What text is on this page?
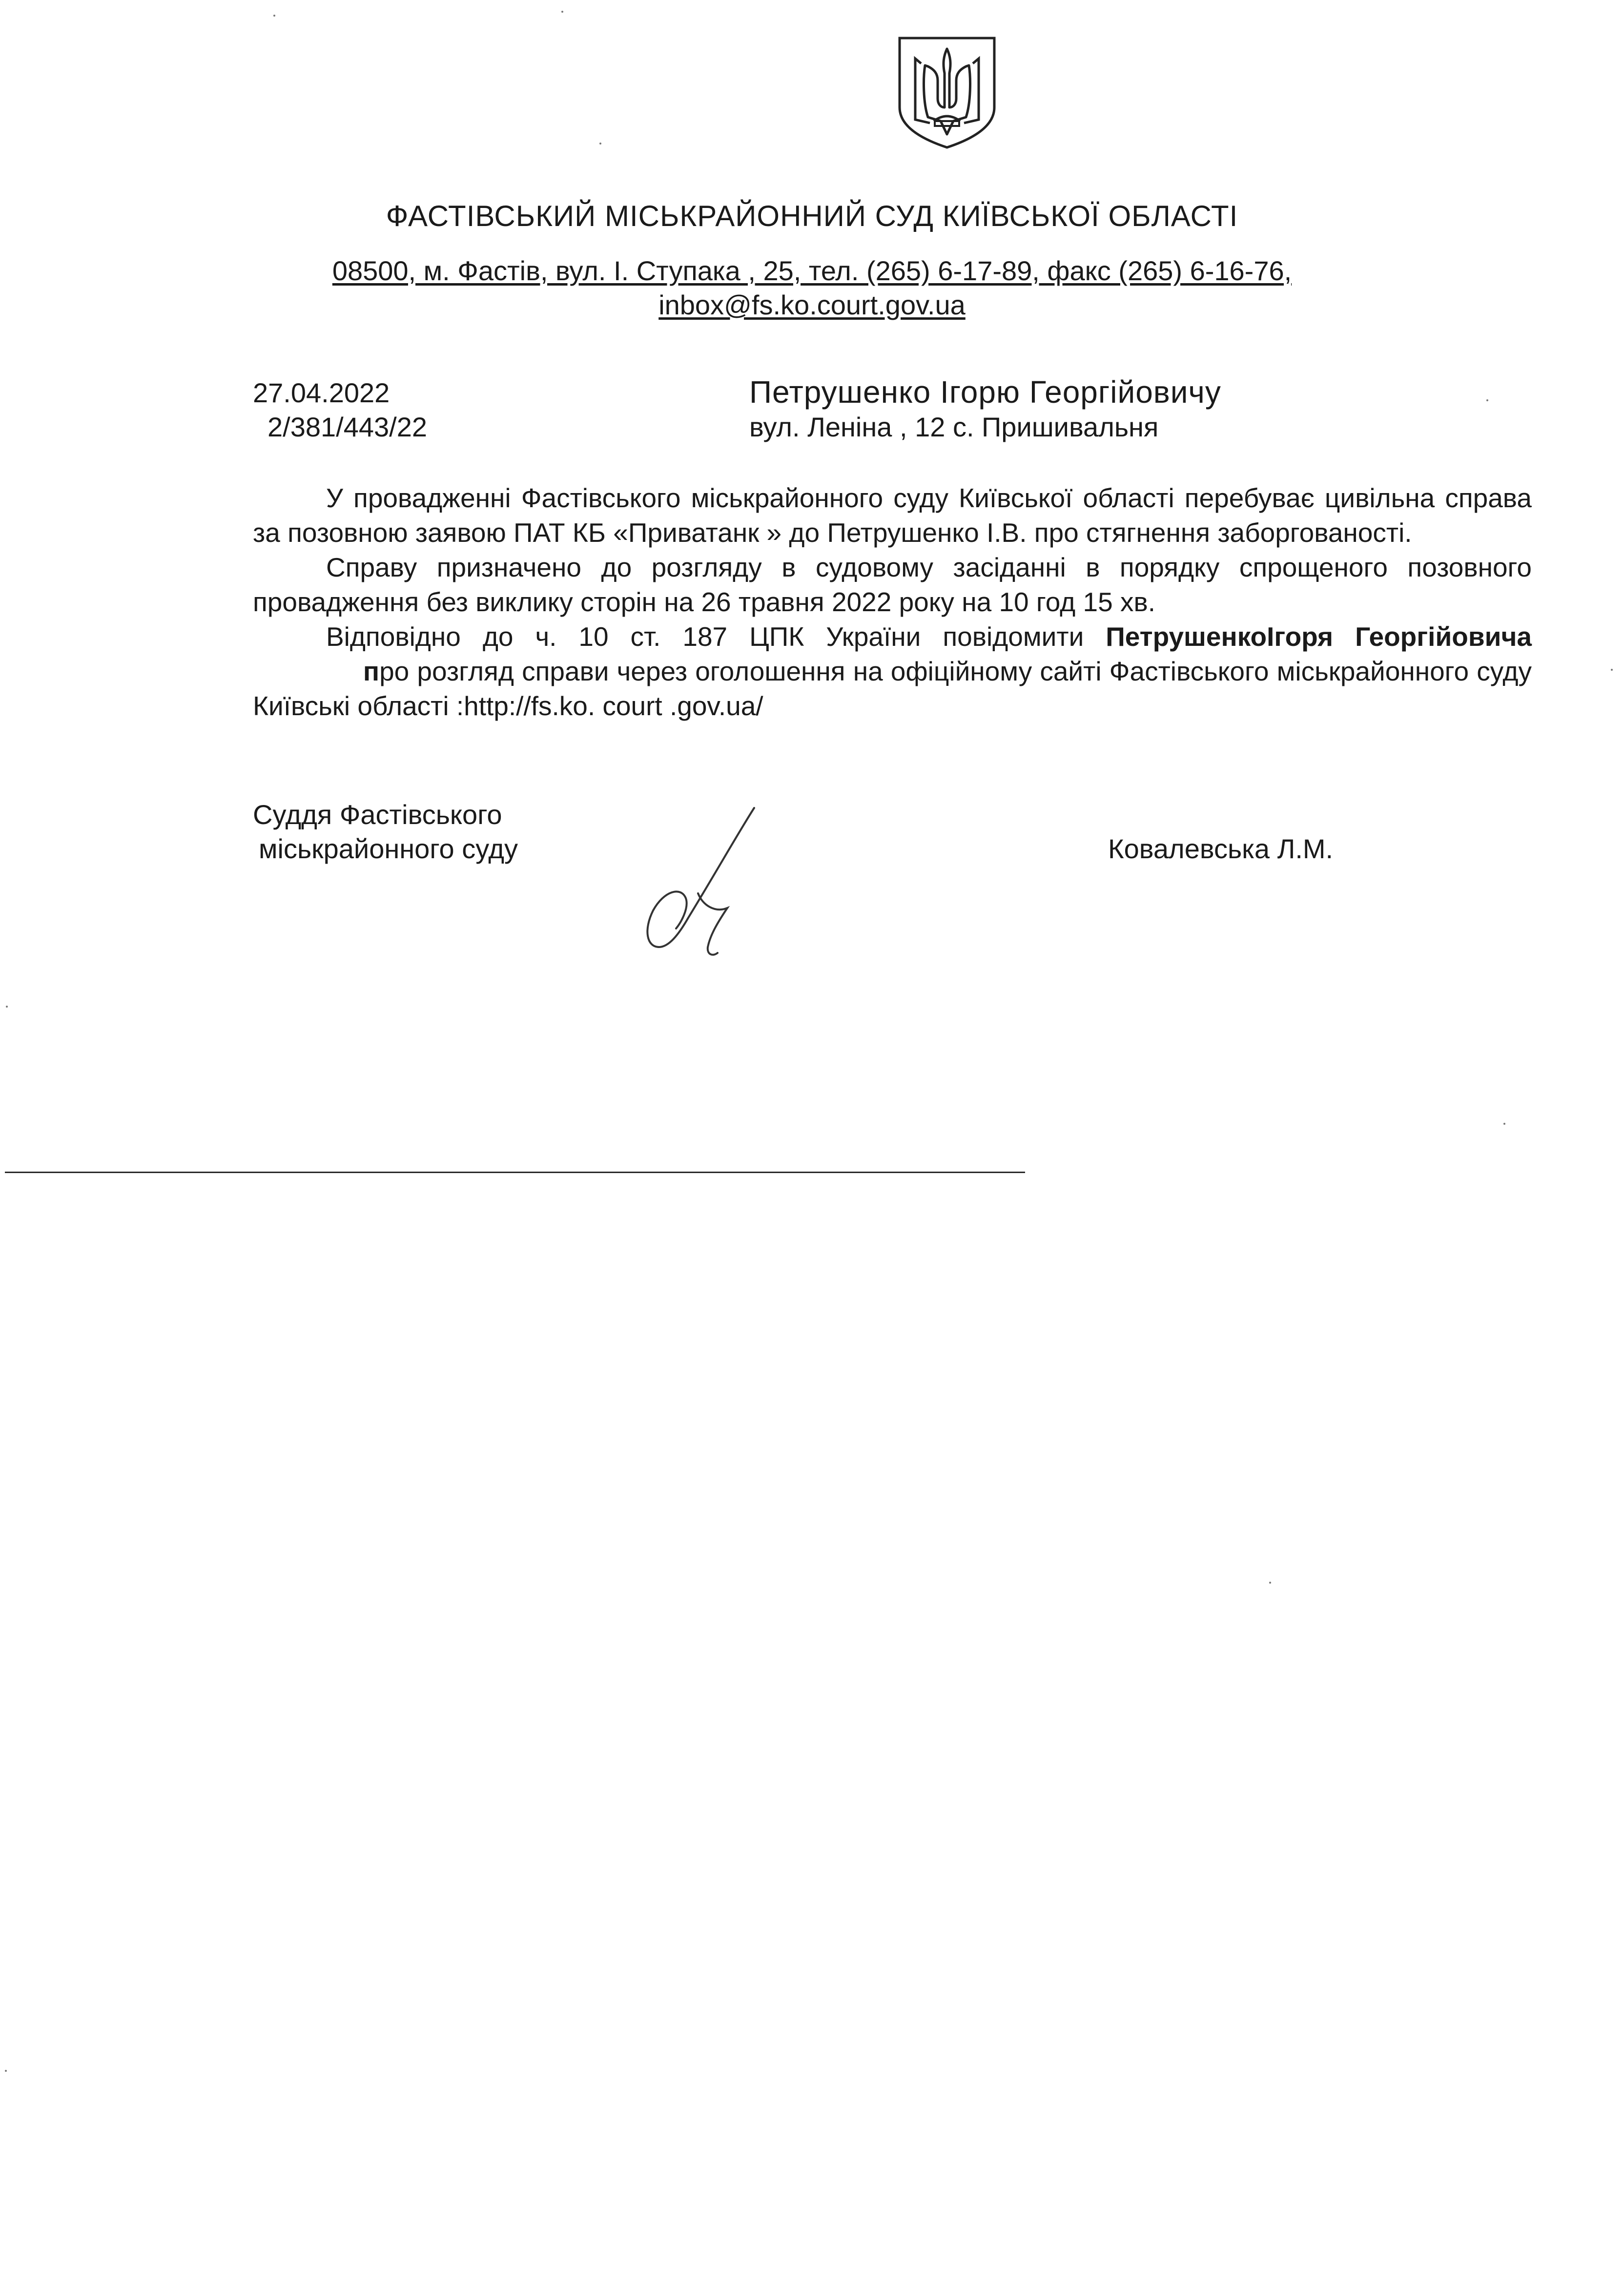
ФАСТІВСЬКИЙ МІСЬКРАЙОННИЙ СУД КИЇВСЬКОЇ ОБЛАСТІ
08500, м. Фастів, вул. І. Ступака , 25, тел. (265) 6-17-89, факс (265) 6-16-76,
inbox@fs.ko.court.gov.ua
27.04.2022
2/381/443/22
Петрушенко Ігорю Георгійовичу
вул. Леніна , 12 с. Пришивальня

У провадженні Фастівського міськрайонного суду Київської області перебуває цивільна справа за позовною заявою ПАТ КБ «Приватанк » до Петрушенко І.В. про стягнення заборгованості.

Справу призначено до розгляду в судовому засіданні в порядку спрощеного позовного провадження без виклику сторін на 26 травня 2022 року на 10 год 15 хв.

Відповідно до ч. 10 ст. 187 ЦПК України повідомити ПетрушенкоІгоря Георгійовича              про розгляд справи через оголошення на офіційному сайті Фастівського міськрайонного суду Київські області :http://fs.ko. court .gov.ua/

Суддя Фастівського
міськрайонного суду	Ковалевська Л.М.
